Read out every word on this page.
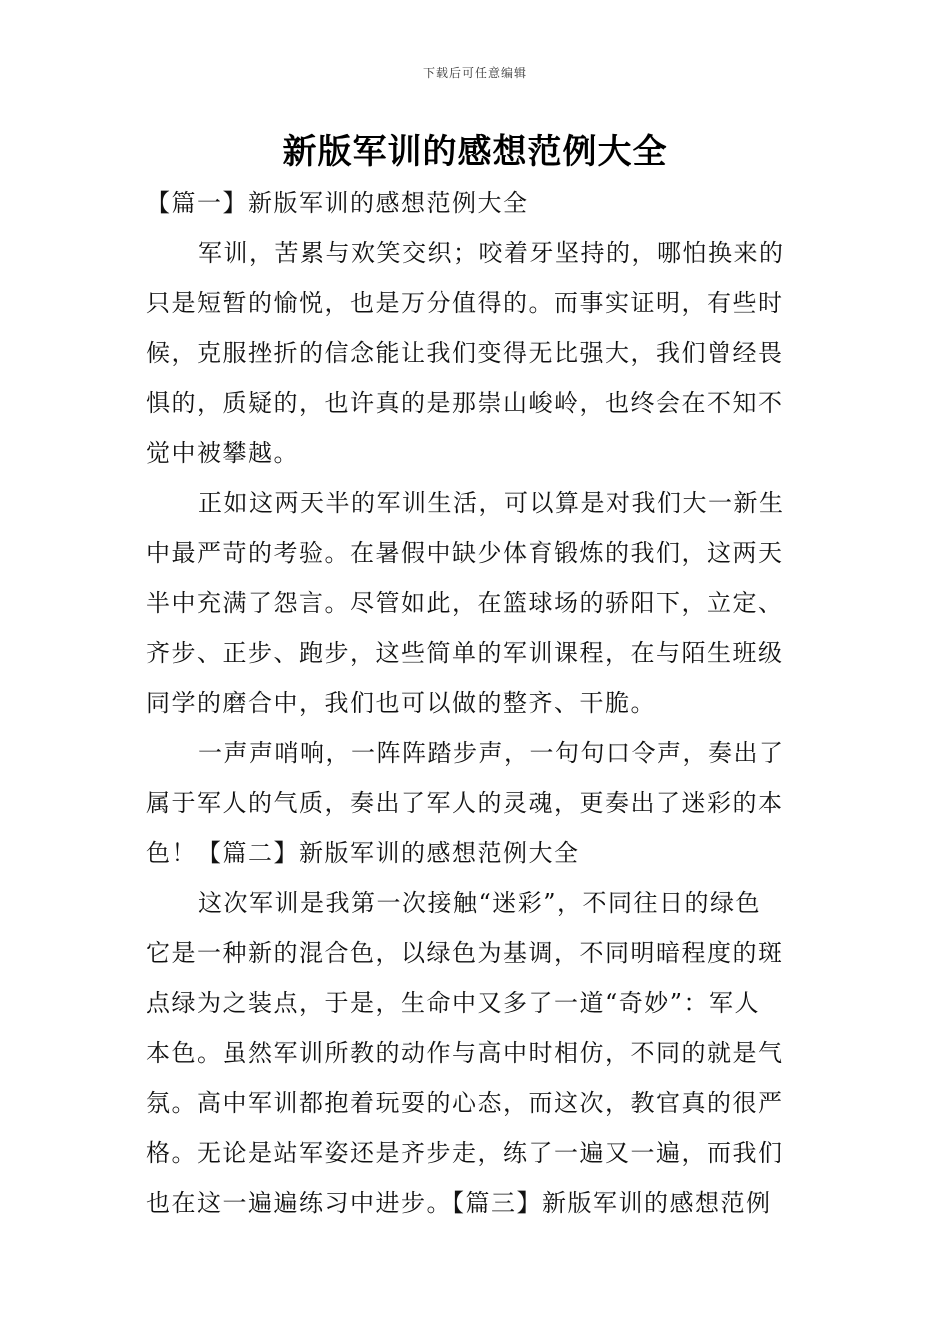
下载后可任意编辑
新版军训的感想范例大全
【篇一】新版军训的感想范例大全
军训，苦累与欢笑交织；咬着牙坚持的，哪怕换来的
只是短暂的愉悦，也是万分值得的。而事实证明，有些时
候，克服挫折的信念能让我们变得无比强大，我们曾经畏
惧的，质疑的，也许真的是那崇山峻岭，也终会在不知不
觉中被攀越。
正如这两天半的军训生活，可以算是对我们大一新生
中最严苛的考验。在暑假中缺少体育锻炼的我们，这两天
半中充满了怨言。尽管如此，在篮球场的骄阳下，立定、
齐步、正步、跑步，这些简单的军训课程，在与陌生班级
同学的磨合中，我们也可以做的整齐、干脆。
一声声哨响，一阵阵踏步声，一句句口令声，奏出了
属于军人的气质，奏出了军人的灵魂，更奏出了迷彩的本
色！【篇二】新版军训的感想范例大全
这次军训是我第一次接触“迷彩”，不同往日的绿色
它是一种新的混合色，以绿色为基调，不同明暗程度的斑
点绿为之装点，于是，生命中又多了一道“奇妙”：军人
本色。虽然军训所教的动作与高中时相仿，不同的就是气
氛。高中军训都抱着玩耍的心态，而这次，教官真的很严
格。无论是站军姿还是齐步走，练了一遍又一遍，而我们
也在这一遍遍练习中进步。【篇三】新版军训的感想范例
